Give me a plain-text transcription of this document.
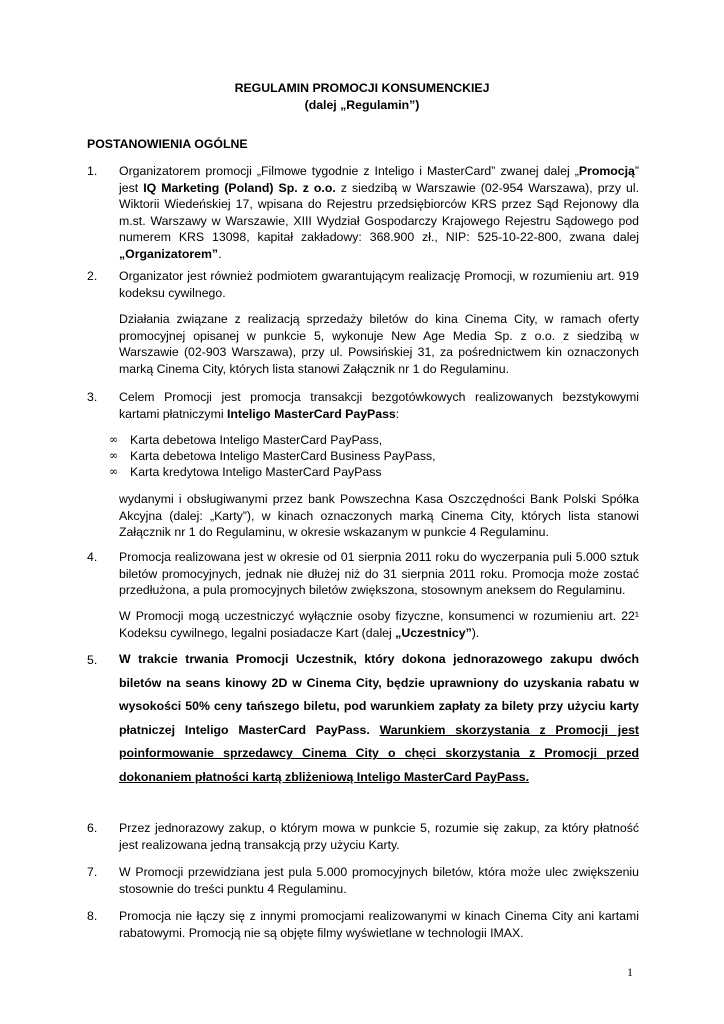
REGULAMIN PROMOCJI KONSUMENCKIEJ
(dalej „Regulamin”)
POSTANOWIENIA OGÓLNE
1. Organizatorem promocji „Filmowe tygodnie z Inteligo i MasterCard” zwanej dalej „Promocją” jest IQ Marketing (Poland) Sp. z o.o. z siedzibą w Warszawie (02-954 Warszawa), przy ul. Wiktorii Wiedeńskiej 17, wpisana do Rejestru przedsiębiorców KRS przez Sąd Rejonowy dla m.st. Warszawy w Warszawie, XIII Wydział Gospodarczy Krajowego Rejestru Sądowego pod numerem KRS 13098, kapitał zakładowy: 368.900 zł., NIP: 525-10-22-800, zwana dalej „Organizatorem”.
2. Organizator jest również podmiotem gwarantującym realizację Promocji, w rozumieniu art. 919 kodeksu cywilnego.
Działania związane z realizacją sprzedaży biletów do kina Cinema City, w ramach oferty promocyjnej opisanej w punkcie 5, wykonuje New Age Media Sp. z o.o. z siedzibą w Warszawie (02-903 Warszawa), przy ul. Powsińskiej 31, za pośrednictwem kin oznaczonych marką Cinema City, których lista stanowi Załącznik nr 1 do Regulaminu.
3. Celem Promocji jest promocja transakcji bezgotówkowych realizowanych bezstykowymi kartami płatniczymi Inteligo MasterCard PayPass:
∞ Karta debetowa Inteligo MasterCard PayPass,
∞ Karta debetowa Inteligo MasterCard Business PayPass,
∞ Karta kredytowa Inteligo MasterCard PayPass
wydanymi i obsługiwanymi przez bank Powszechna Kasa Oszczędności Bank Polski Spółka Akcyjna (dalej: „Karty”), w kinach oznaczonych marką Cinema City, których lista stanowi Załącznik nr 1 do Regulaminu, w okresie wskazanym w punkcie 4 Regulaminu.
4. Promocja realizowana jest w okresie od 01 sierpnia 2011 roku do wyczerpania puli 5.000 sztuk biletów promocyjnych, jednak nie dłużej niż do 31 sierpnia 2011 roku. Promocja może zostać przedłużona, a pula promocyjnych biletów zwiększona, stosownym aneksem do Regulaminu.
W Promocji mogą uczestniczyć wyłącznie osoby fizyczne, konsumenci w rozumieniu art. 22¹ Kodeksu cywilnego, legalni posiadacze Kart (dalej „Uczestnicy”).
5. W trakcie trwania Promocji Uczestnik, który dokona jednorazowego zakupu dwóch biletów na seans kinowy 2D w Cinema City, będzie uprawniony do uzyskania rabatu w wysokości 50% ceny tańszego biletu, pod warunkiem zapłaty za bilety przy użyciu karty płatniczej Inteligo MasterCard PayPass. Warunkiem skorzystania z Promocji jest poinformowanie sprzedawcy Cinema City o chęci skorzystania z Promocji przed dokonaniem płatności kartą zbliżeniową Inteligo MasterCard PayPass.
6. Przez jednorazowy zakup, o którym mowa w punkcie 5, rozumie się zakup, za który płatność jest realizowana jedną transakcją przy użyciu Karty.
7. W Promocji przewidziana jest pula 5.000 promocyjnych biletów, która może ulec zwiększeniu stosownie do treści punktu 4 Regulaminu.
8. Promocja nie łączy się z innymi promocjami realizowanymi w kinach Cinema City ani kartami rabatowymi. Promocją nie są objęte filmy wyświetlane w technologii IMAX.
1
